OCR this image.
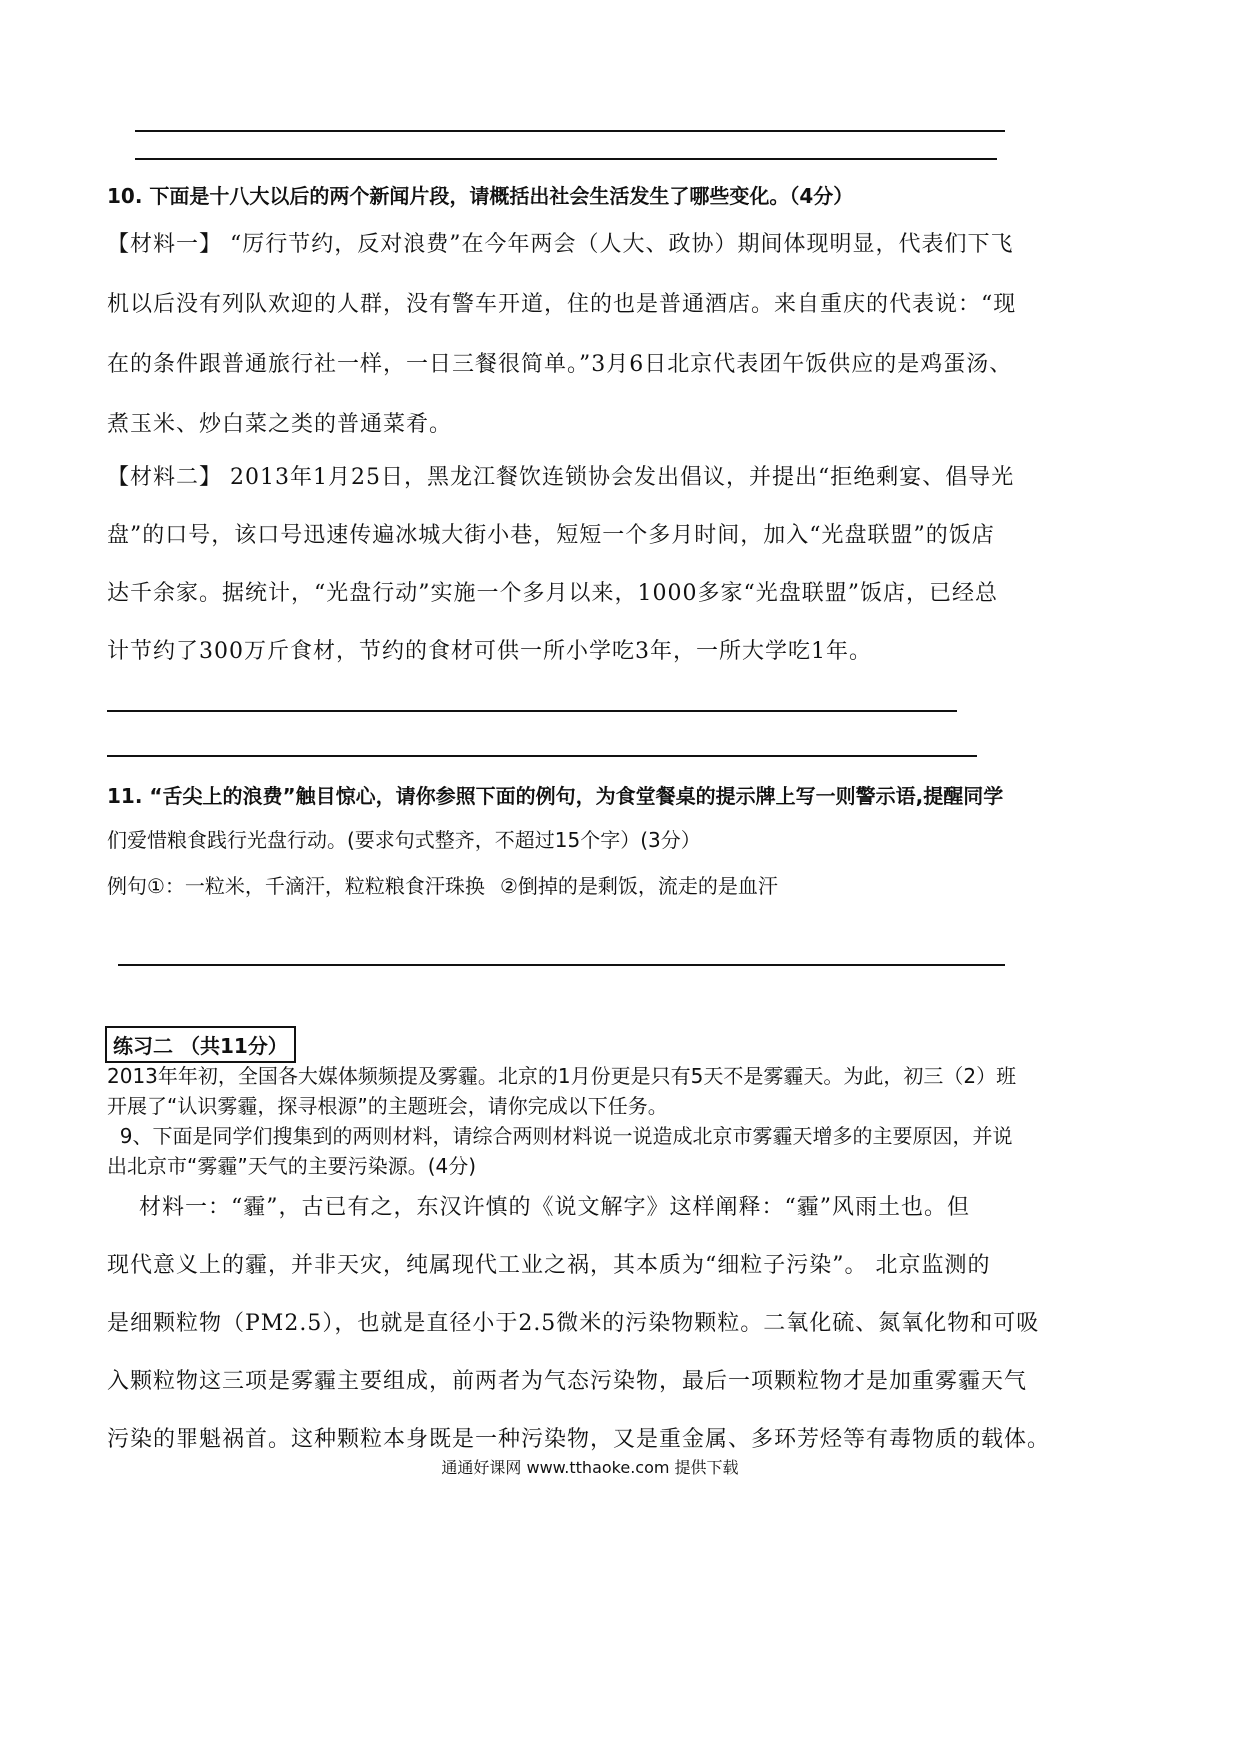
10. 下面是十八大以后的两个新闻片段，请概括出社会生活发生了哪些变化。（4分）
【材料一】 “厉行节约，反对浪费”在今年两会（人大、政协）期间体现明显，代表们下飞
机以后没有列队欢迎的人群，没有警车开道，住的也是普通酒店。来自重庆的代表说：“现
在的条件跟普通旅行社一样，一日三餐很简单。”3月6日北京代表团午饭供应的是鸡蛋汤、
煮玉米、炒白菜之类的普通菜肴。
【材料二】 2013年1月25日，黑龙江餐饮连锁协会发出倡议，并提出“拒绝剩宴、倡导光
盘”的口号，该口号迅速传遍冰城大街小巷，短短一个多月时间，加入“光盘联盟”的饭店
达千余家。据统计，“光盘行动”实施一个多月以来，1000多家“光盘联盟”饭店，已经总
计节约了300万斤食材，节约的食材可供一所小学吃3年，一所大学吃1年。
11. “舌尖上的浪费”触目惊心，请你参照下面的例句，为食堂餐桌的提示牌上写一则警示语,提醒同学
们爱惜粮食践行光盘行动。(要求句式整齐，不超过15个字）(3分）
例句①：一粒米，千滴汗，粒粒粮食汗珠换 ②倒掉的是剩饭，流走的是血汗
练习二 （共11分）
2013年年初，全国各大媒体频频提及雾霾。北京的1月份更是只有5天不是雾霾天。为此，初三（2）班
开展了“认识雾霾，探寻根源”的主题班会，请你完成以下任务。
9、下面是同学们搜集到的两则材料，请综合两则材料说一说造成北京市雾霾天增多的主要原因，并说
出北京市“雾霾”天气的主要污染源。(4分)
材料一：“霾”，古已有之，东汉许慎的《说文解字》这样阐释：“霾”风雨土也。但
现代意义上的霾，并非天灾，纯属现代工业之祸，其本质为“细粒子污染”。 北京监测的
是细颗粒物（PM2.5），也就是直径小于2.5微米的污染物颗粒。二氧化硫、氮氧化物和可吸
入颗粒物这三项是雾霾主要组成，前两者为气态污染物，最后一项颗粒物才是加重雾霾天气
污染的罪魁祸首。这种颗粒本身既是一种污染物，又是重金属、多环芳烃等有毒物质的载体。
通通好课网 www.tthaoke.com 提供下载
